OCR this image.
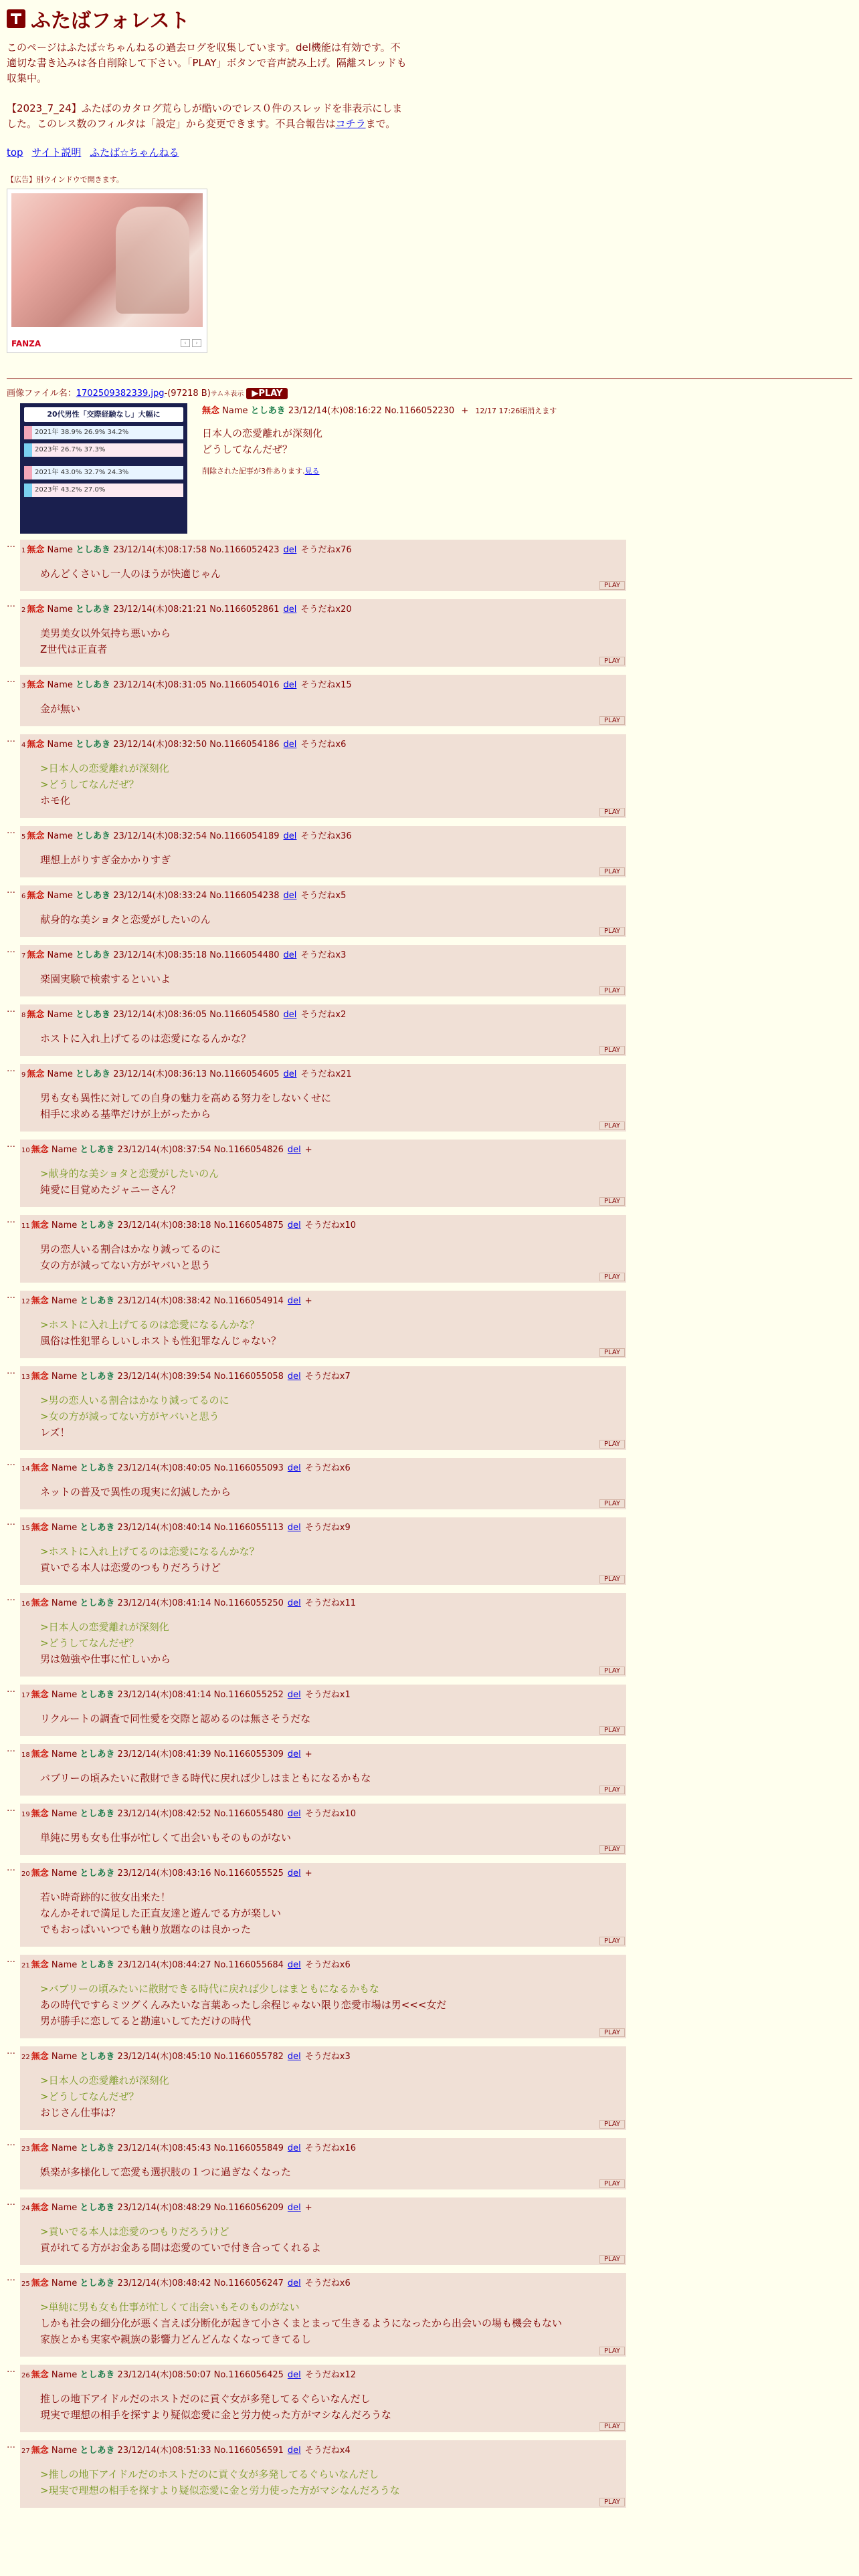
ふたばフォレスト

このページはふたば☆ちゃんねるの過去ログを収集しています。del機能は有効です。不適切な書き込みは各自削除して下さい。「PLAY」ボタンで音声読み上げ。隔離スレッドも収集中。

【2023_7_24】ふたばのカタログ荒らしが酷いのでレス０件のスレッドを非表示にしました。このレス数のフィルタは「設定」から変更できます。不具合報告はコチラまで。

top サイト説明 ふたば☆ちゃんねる
【広告】別ウインドウで開きます。
FANZA	‹	›
画像ファイル名：1702509382339.jpg-(97218 B)サムネ表示 ▶PLAY
20代男性「交際経験なし」大幅に
2021年 38.9% 26.9% 34.2%
2023年 26.7% 37.3%
2021年 43.0% 32.7% 24.3%
2023年 43.2% 27.0%
無念 Name としあき 23/12/14(木)08:16:22 No.1166052230 + 12/17 17:26頃消えます
日本人の恋愛離れが深刻化
どうしてなんだぜ？
削除された記事が3件あります.見る
…
1 無念 Name としあき 23/12/14(木)08:17:58 No.1166052423 del そうだねx76
めんどくさいし一人のほうが快適じゃん
PLAY
…
2 無念 Name としあき 23/12/14(木)08:21:21 No.1166052861 del そうだねx20
美男美女以外気持ち悪いから
Z世代は正直者
PLAY
…
3 無念 Name としあき 23/12/14(木)08:31:05 No.1166054016 del そうだねx15
金が無い
PLAY
…
4 無念 Name としあき 23/12/14(木)08:32:50 No.1166054186 del そうだねx6
>日本人の恋愛離れが深刻化
>どうしてなんだぜ？
ホモ化
PLAY
…
5 無念 Name としあき 23/12/14(木)08:32:54 No.1166054189 del そうだねx36
理想上がりすぎ金かかりすぎ
PLAY
…
6 無念 Name としあき 23/12/14(木)08:33:24 No.1166054238 del そうだねx5
献身的な美ショタと恋愛がしたいのん
PLAY
…
7 無念 Name としあき 23/12/14(木)08:35:18 No.1166054480 del そうだねx3
楽園実験で検索するといいよ
PLAY
…
8 無念 Name としあき 23/12/14(木)08:36:05 No.1166054580 del そうだねx2
ホストに入れ上げてるのは恋愛になるんかな？
PLAY
…
9 無念 Name としあき 23/12/14(木)08:36:13 No.1166054605 del そうだねx21
男も女も異性に対しての自身の魅力を高める努力をしないくせに
相手に求める基準だけが上がったから
PLAY
…
10 無念 Name としあき 23/12/14(木)08:37:54 No.1166054826 del +
>献身的な美ショタと恋愛がしたいのん
純愛に目覚めたジャニーさん？
PLAY
…
11 無念 Name としあき 23/12/14(木)08:38:18 No.1166054875 del そうだねx10
男の恋人いる割合はかなり減ってるのに
女の方が減ってない方がヤバいと思う
PLAY
…
12 無念 Name としあき 23/12/14(木)08:38:42 No.1166054914 del +
>ホストに入れ上げてるのは恋愛になるんかな？
風俗は性犯罪らしいしホストも性犯罪なんじゃない？
PLAY
…
13 無念 Name としあき 23/12/14(木)08:39:54 No.1166055058 del そうだねx7
>男の恋人いる割合はかなり減ってるのに
>女の方が減ってない方がヤバいと思う
レズ！
PLAY
…
14 無念 Name としあき 23/12/14(木)08:40:05 No.1166055093 del そうだねx6
ネットの普及で異性の現実に幻滅したから
PLAY
…
15 無念 Name としあき 23/12/14(木)08:40:14 No.1166055113 del そうだねx9
>ホストに入れ上げてるのは恋愛になるんかな？
貢いでる本人は恋愛のつもりだろうけど
PLAY
…
16 無念 Name としあき 23/12/14(木)08:41:14 No.1166055250 del そうだねx11
>日本人の恋愛離れが深刻化
>どうしてなんだぜ？
男は勉強や仕事に忙しいから
PLAY
…
17 無念 Name としあき 23/12/14(木)08:41:14 No.1166055252 del そうだねx1
リクルートの調査で同性愛を交際と認めるのは無さそうだな
PLAY
…
18 無念 Name としあき 23/12/14(木)08:41:39 No.1166055309 del +
バブリーの頃みたいに散財できる時代に戻れば少しはまともになるかもな
PLAY
…
19 無念 Name としあき 23/12/14(木)08:42:52 No.1166055480 del そうだねx10
単純に男も女も仕事が忙しくて出会いもそのものがない
PLAY
…
20 無念 Name としあき 23/12/14(木)08:43:16 No.1166055525 del +
若い時奇跡的に彼女出来た！
なんかそれで満足した正直友達と遊んでる方が楽しい
でもおっぱいいつでも触り放題なのは良かった
PLAY
…
21 無念 Name としあき 23/12/14(木)08:44:27 No.1166055684 del そうだねx6
>バブリーの頃みたいに散財できる時代に戻れば少しはまともになるかもな
あの時代ですらミツグくんみたいな言葉あったし余程じゃない限り恋愛市場は男<<<女だ
男が勝手に恋してると勘違いしてただけの時代
PLAY
…
22 無念 Name としあき 23/12/14(木)08:45:10 No.1166055782 del そうだねx3
>日本人の恋愛離れが深刻化
>どうしてなんだぜ？
おじさん仕事は？
PLAY
…
23 無念 Name としあき 23/12/14(木)08:45:43 No.1166055849 del そうだねx16
娯楽が多様化して恋愛も選択肢の１つに過ぎなくなった
PLAY
…
24 無念 Name としあき 23/12/14(木)08:48:29 No.1166056209 del +
>貢いでる本人は恋愛のつもりだろうけど
貢がれてる方がお金ある間は恋愛のていで付き合ってくれるよ
PLAY
…
25 無念 Name としあき 23/12/14(木)08:48:42 No.1166056247 del そうだねx6
>単純に男も女も仕事が忙しくて出会いもそのものがない
しかも社会の細分化が悪く言えば分断化が起きて小さくまとまって生きるようになったから出会いの場も機会もない
家族とかも実家や親族の影響力どんどんなくなってきてるし
PLAY
…
26 無念 Name としあき 23/12/14(木)08:50:07 No.1166056425 del そうだねx12
推しの地下アイドルだのホストだのに貢ぐ女が多発してるぐらいなんだし
現実で理想の相手を探すより疑似恋愛に金と労力使った方がマシなんだろうな
PLAY
…
27 無念 Name としあき 23/12/14(木)08:51:33 No.1166056591 del そうだねx4
>推しの地下アイドルだのホストだのに貢ぐ女が多発してるぐらいなんだし
>現実で理想の相手を探すより疑似恋愛に金と労力使った方がマシなんだろうな
PLAY
